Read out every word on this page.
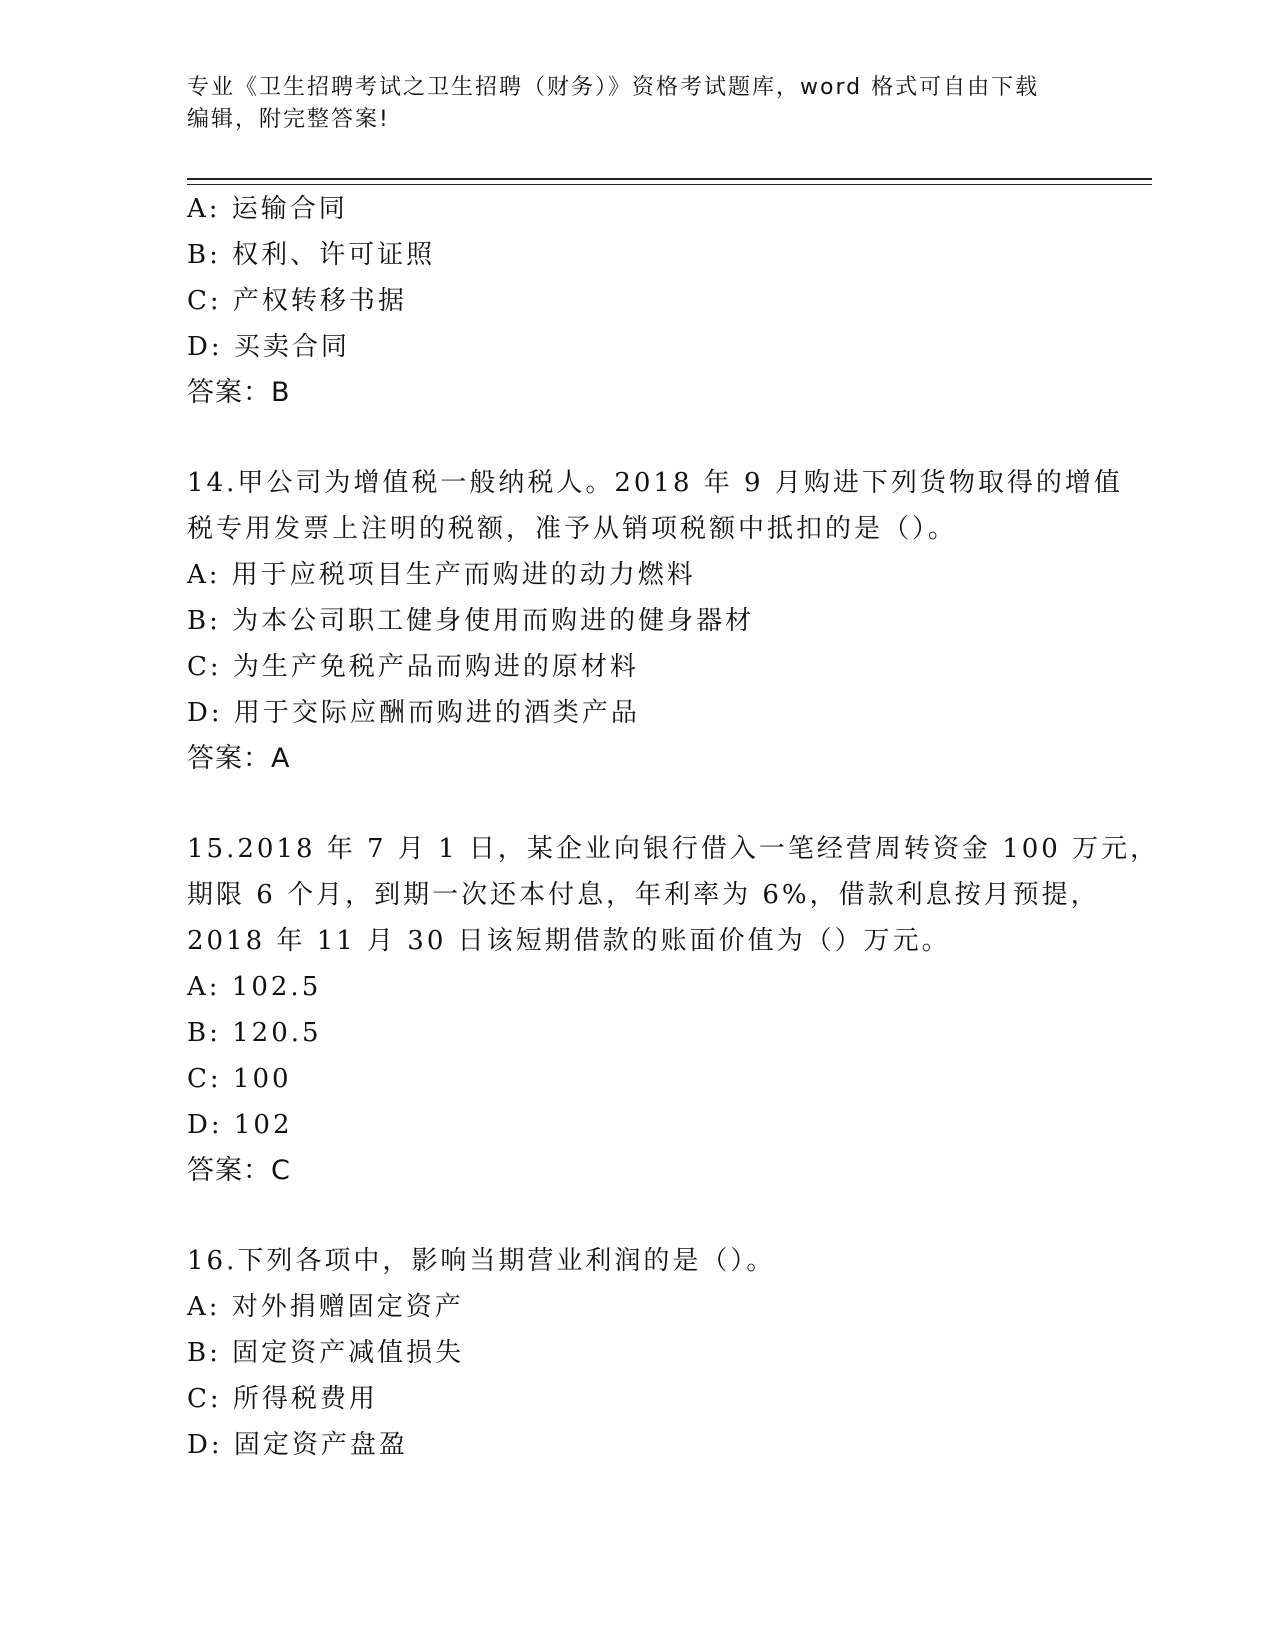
专业《卫生招聘考试之卫生招聘（财务）》资格考试题库，word 格式可自由下载
编辑，附完整答案!
A: 运输合同
B: 权利、许可证照
C: 产权转移书据
D: 买卖合同
答案：B
14.甲公司为增值税一般纳税人。2018 年 9 月购进下列货物取得的增值
税专用发票上注明的税额，准予从销项税额中抵扣的是（）。
A: 用于应税项目生产而购进的动力燃料
B: 为本公司职工健身使用而购进的健身器材
C: 为生产免税产品而购进的原材料
D: 用于交际应酬而购进的酒类产品
答案：A
15.2018 年 7 月 1 日，某企业向银行借入一笔经营周转资金 100 万元，
期限 6 个月，到期一次还本付息，年利率为 6%，借款利息按月预提，
2018 年 11 月 30 日该短期借款的账面价值为（）万元。
A: 102.5
B: 120.5
C: 100
D: 102
答案：C
16.下列各项中，影响当期营业利润的是（）。
A: 对外捐赠固定资产
B: 固定资产减值损失
C: 所得税费用
D: 固定资产盘盈
